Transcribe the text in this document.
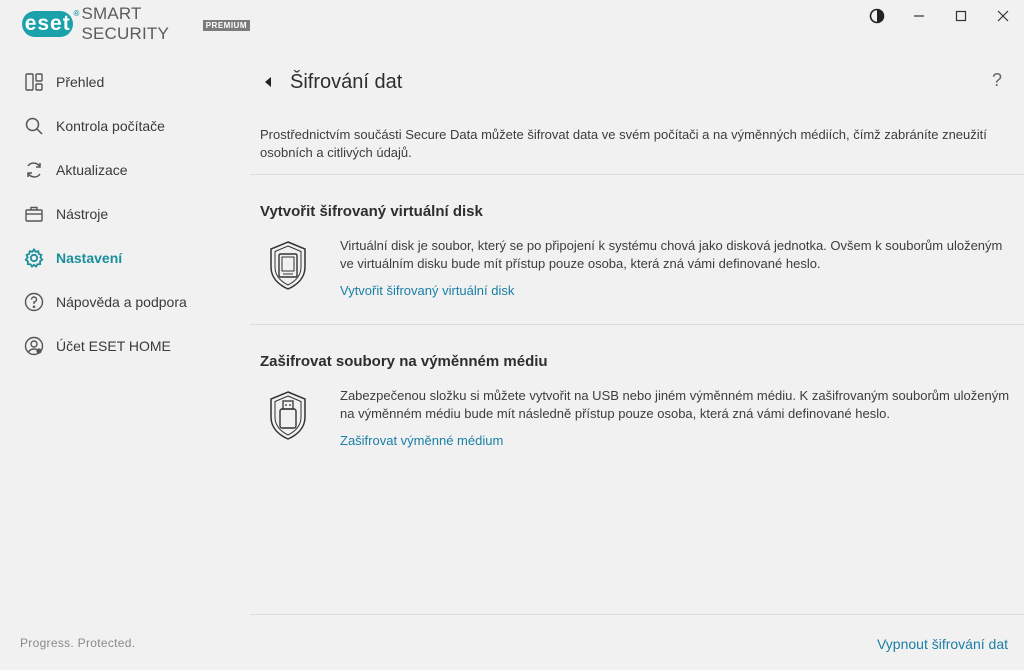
eset ® SMART SECURITY	PREMIUM
Přehled
Kontrola počítače
Aktualizace
Nástroje
Nastavení
Nápověda a podpora
Účet ESET HOME
Progress. Protected.
Šifrování dat	?
Prostřednictvím součásti Secure Data můžete šifrovat data ve svém počítači a na výměnných médiích, čímž zabráníte zneužití osobních a citlivých údajů.
Vytvořit šifrovaný virtuální disk
Virtuální disk je soubor, který se po připojení k systému chová jako disková jednotka. Ovšem k souborům uloženým ve virtuálním disku bude mít přístup pouze osoba, která zná vámi definované heslo.
Vytvořit šifrovaný virtuální disk
Zašifrovat soubory na výměnném médiu
Zabezpečenou složku si můžete vytvořit na USB nebo jiném výměnném médiu. K zašifrovaným souborům uloženým na výměnném médiu bude mít následně přístup pouze osoba, která zná vámi definované heslo.
Zašifrovat výměnné médium
Vypnout šifrování dat
